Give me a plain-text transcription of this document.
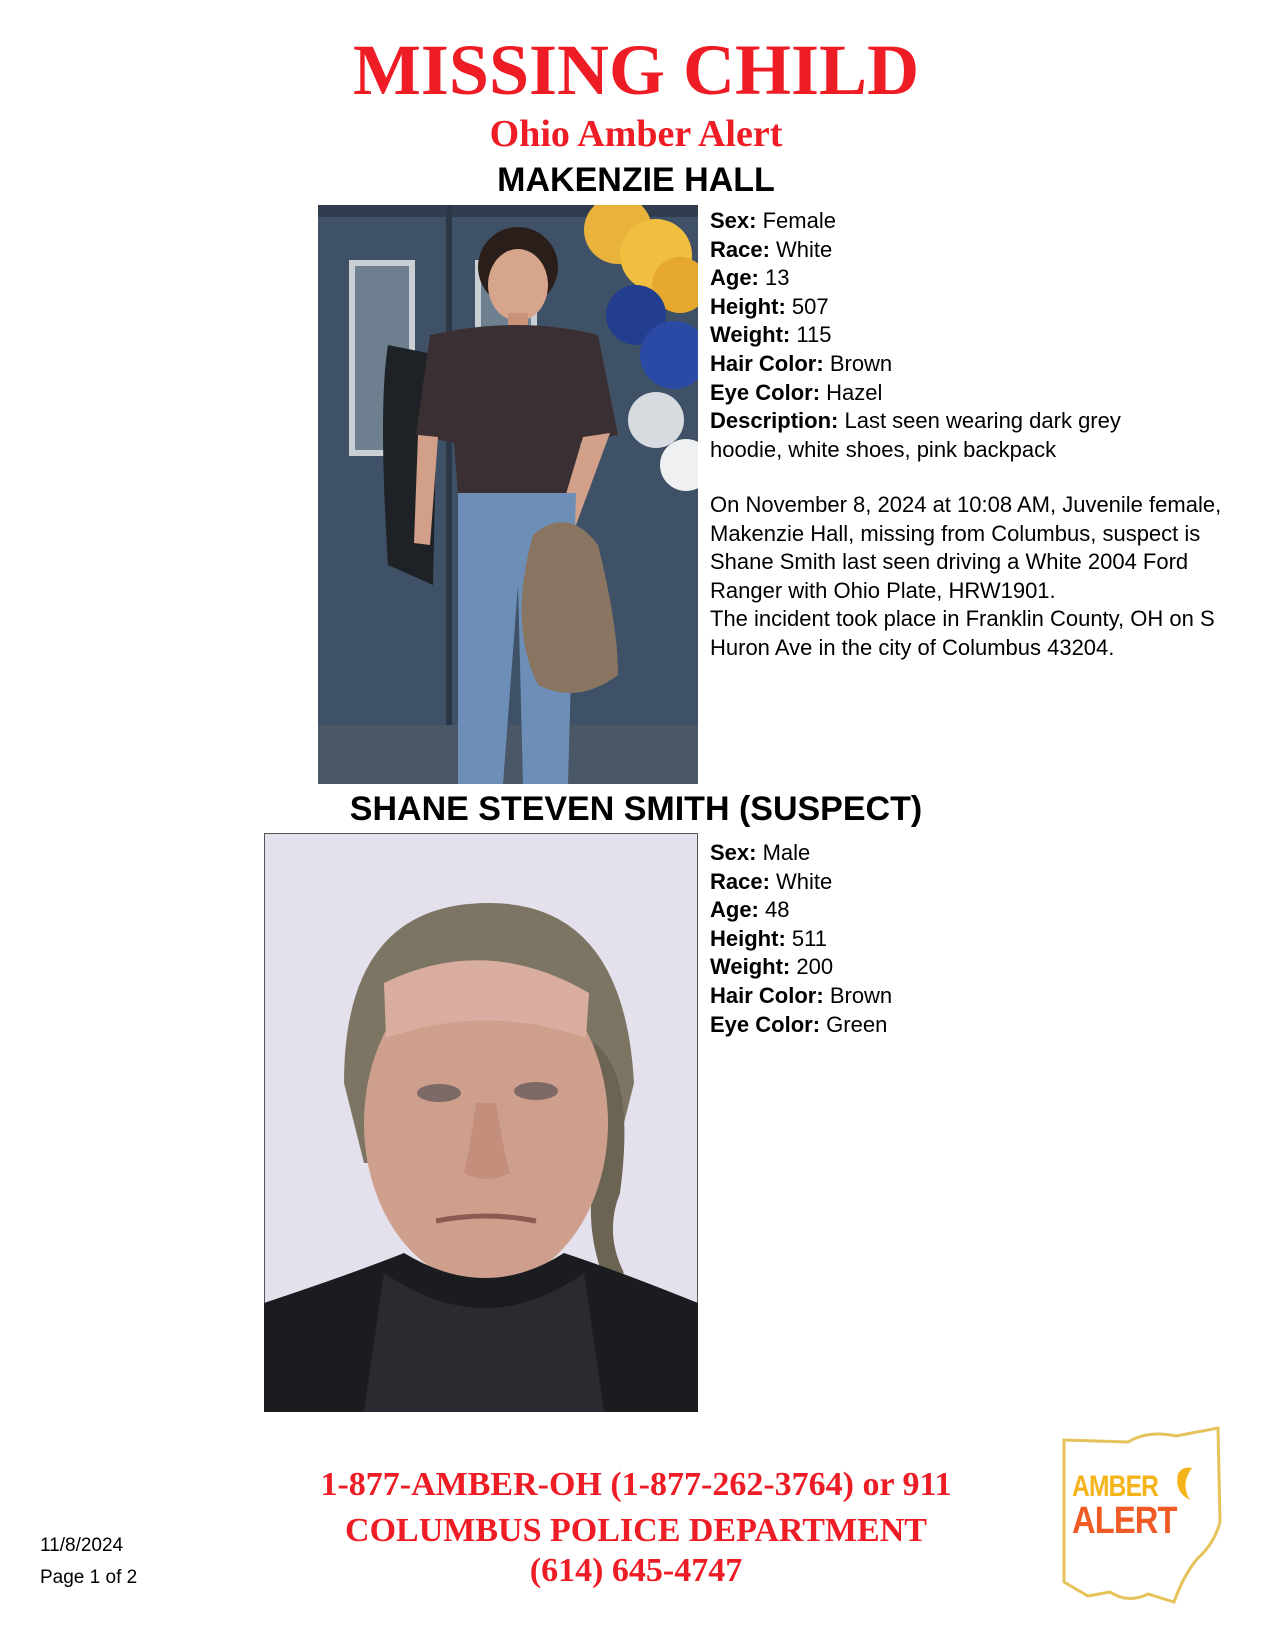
MISSING CHILD
Ohio Amber Alert
MAKENZIE HALL
Sex: Female
Race: White
Age: 13
Height: 507
Weight: 115
Hair Color: Brown
Eye Color: Hazel
Description: Last seen wearing dark grey hoodie, white shoes, pink backpack

On November 8, 2024 at 10:08 AM, Juvenile female, Makenzie Hall, missing from Columbus, suspect is Shane Smith last seen driving a White 2004 Ford Ranger with Ohio Plate, HRW1901.

The incident took place in Franklin County, OH on S Huron Ave in the city of Columbus 43204.

SHANE STEVEN SMITH (SUSPECT)
Sex: Male
Race: White
Age: 48
Height: 511
Weight: 200
Hair Color: Brown
Eye Color: Green
1-877-AMBER-OH (1-877-262-3764) or 911
COLUMBUS POLICE DEPARTMENT
(614) 645-4747
11/8/2024
Page 1 of 2
AMBER
ALERT
